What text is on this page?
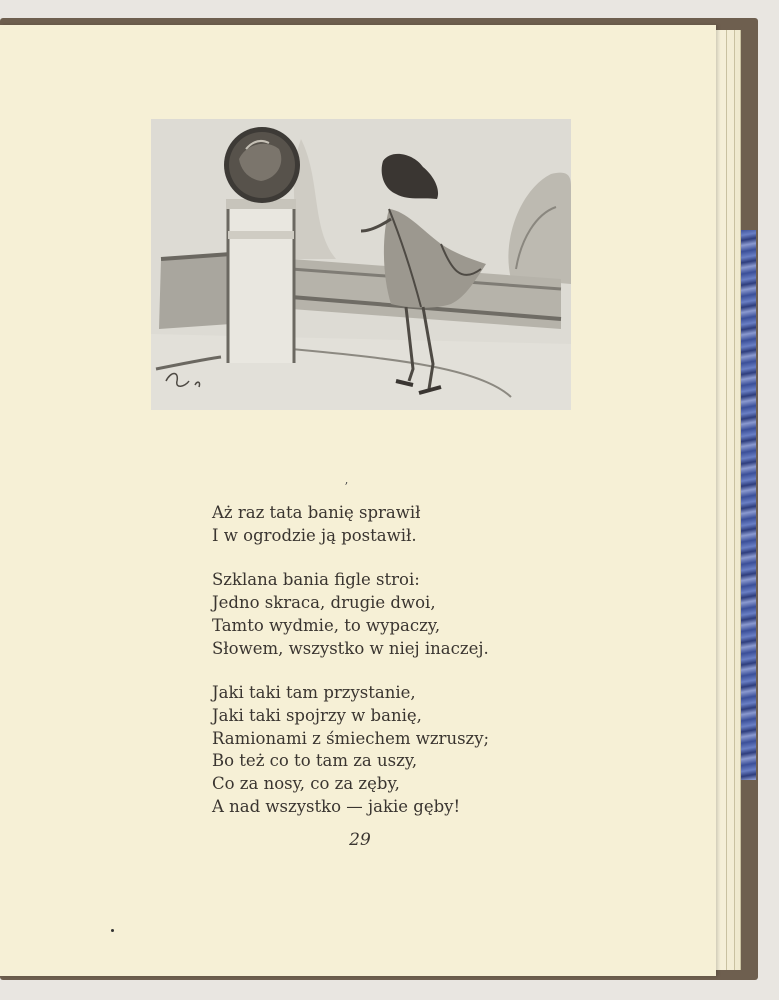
ʼ
Aż raz tata banię sprawił
I w ogrodzie ją postawił.
Szklana bania figle stroi:
Jedno skraca, drugie dwoi,
Tamto wydmie, to wypaczy,
Słowem, wszystko w niej inaczej.
Jaki taki tam przystanie,
Jaki taki spojrzy w banię,
Ramionami z śmiechem wzruszy;
Bo też co to tam za uszy,
Co za nosy, co za zęby,
A nad wszystko — jakie gęby!
29
